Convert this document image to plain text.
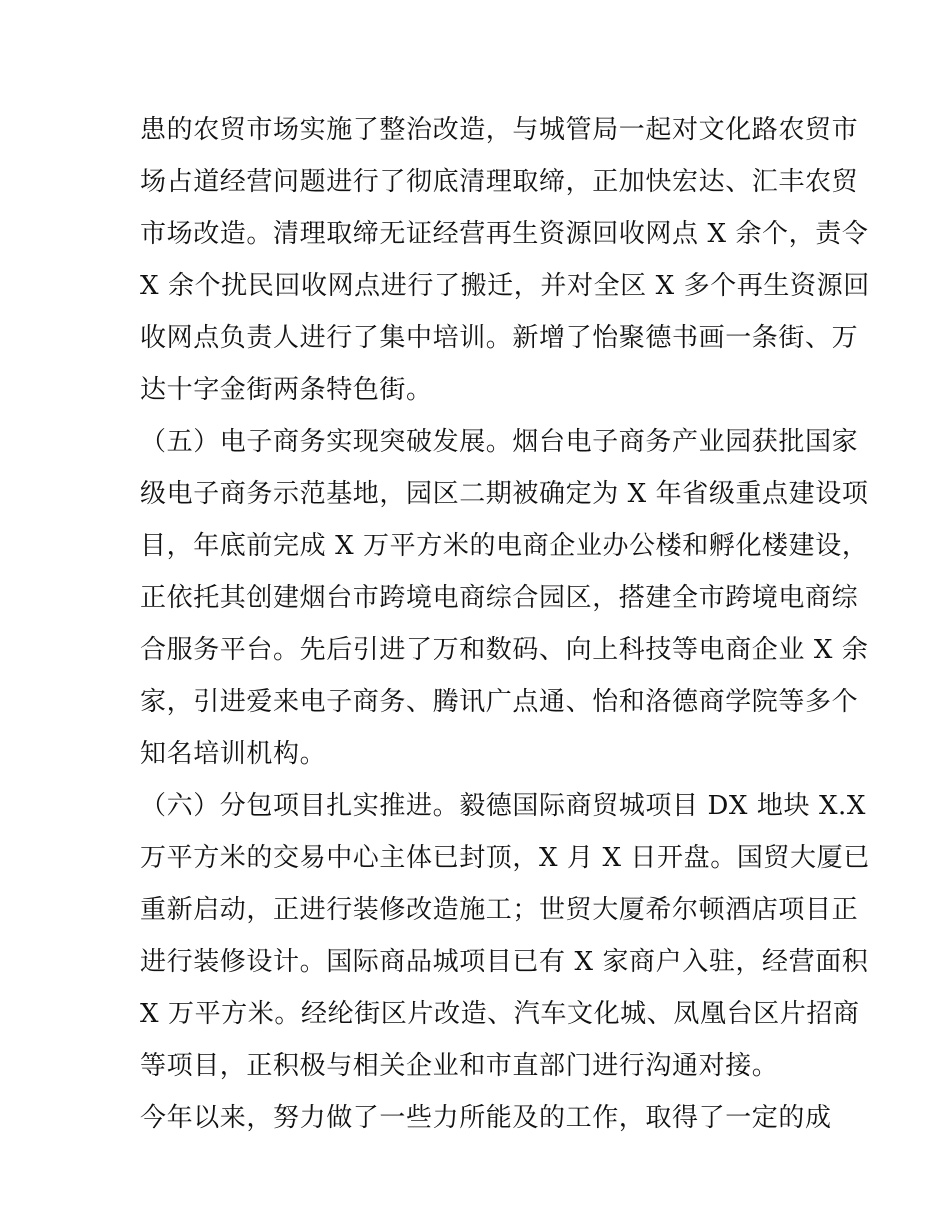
患的农贸市场实施了整治改造，与城管局一起对文化路农贸市
场占道经营问题进行了彻底清理取缔，正加快宏达、汇丰农贸
市场改造。清理取缔无证经营再生资源回收网点 X 余个，责令
X 余个扰民回收网点进行了搬迁，并对全区 X 多个再生资源回
收网点负责人进行了集中培训。新增了怡聚德书画一条街、万
达十字金街两条特色街。
（五）电子商务实现突破发展。烟台电子商务产业园获批国家
级电子商务示范基地，园区二期被确定为 X 年省级重点建设项
目，年底前完成 X 万平方米的电商企业办公楼和孵化楼建设，
正依托其创建烟台市跨境电商综合园区，搭建全市跨境电商综
合服务平台。先后引进了万和数码、向上科技等电商企业 X 余
家，引进爱来电子商务、腾讯广点通、怡和洛德商学院等多个
知名培训机构。
（六）分包项目扎实推进。毅德国际商贸城项目 DX 地块 X.X
万平方米的交易中心主体已封顶，X 月 X 日开盘。国贸大厦已
重新启动，正进行装修改造施工；世贸大厦希尔顿酒店项目正
进行装修设计。国际商品城项目已有 X 家商户入驻，经营面积
X 万平方米。经纶街区片改造、汽车文化城、凤凰台区片招商
等项目，正积极与相关企业和市直部门进行沟通对接。
今年以来，努力做了一些力所能及的工作，取得了一定的成
